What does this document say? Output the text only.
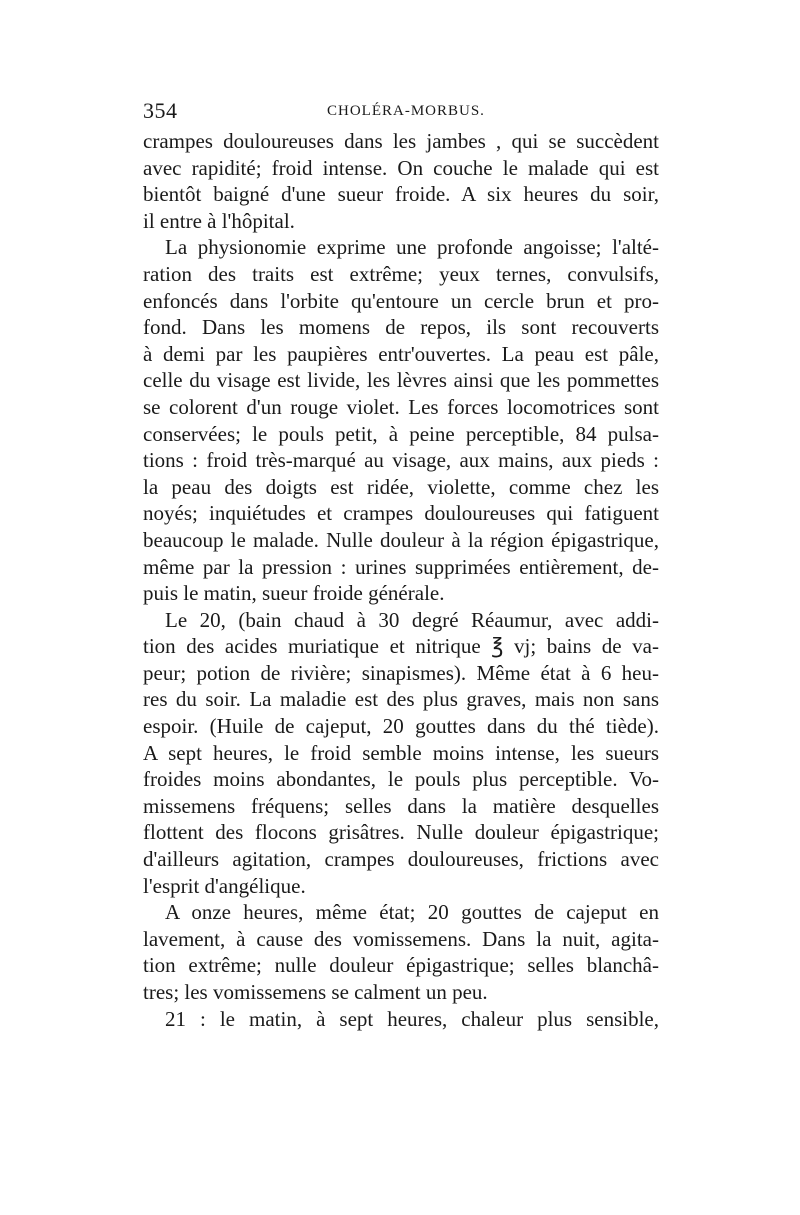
354	CHOLÉRA-MORBUS.
crampes douloureuses dans les jambes , qui se succèdent
avec rapidité; froid intense. On couche le malade qui est
bientôt baigné d'une sueur froide. A six heures du soir,
il entre à l'hôpital.
La physionomie exprime une profonde angoisse; l'alté-
ration des traits est extrême; yeux ternes, convulsifs,
enfoncés dans l'orbite qu'entoure un cercle brun et pro-
fond. Dans les momens de repos, ils sont recouverts
à demi par les paupières entr'ouvertes. La peau est pâle,
celle du visage est livide, les lèvres ainsi que les pommettes
se colorent d'un rouge violet. Les forces locomotrices sont
conservées; le pouls petit, à peine perceptible, 84 pulsa-
tions : froid très-marqué au visage, aux mains, aux pieds :
la peau des doigts est ridée, violette, comme chez les
noyés; inquiétudes et crampes douloureuses qui fatiguent
beaucoup le malade. Nulle douleur à la région épigastrique,
même par la pression : urines supprimées entièrement, de-
puis le matin, sueur froide générale.
Le 20, (bain chaud à 30 degré Réaumur, avec addi-
tion des acides muriatique et nitrique ℥ vj; bains de va-
peur; potion de rivière; sinapismes). Même état à 6 heu-
res du soir. La maladie est des plus graves, mais non sans
espoir. (Huile de cajeput, 20 gouttes dans du thé tiède).
A sept heures, le froid semble moins intense, les sueurs
froides moins abondantes, le pouls plus perceptible. Vo-
missemens fréquens; selles dans la matière desquelles
flottent des flocons grisâtres. Nulle douleur épigastrique;
d'ailleurs agitation, crampes douloureuses, frictions avec
l'esprit d'angélique.
A onze heures, même état; 20 gouttes de cajeput en
lavement, à cause des vomissemens. Dans la nuit, agita-
tion extrême; nulle douleur épigastrique; selles blanchâ-
tres; les vomissemens se calment un peu.
21 : le matin, à sept heures, chaleur plus sensible,
